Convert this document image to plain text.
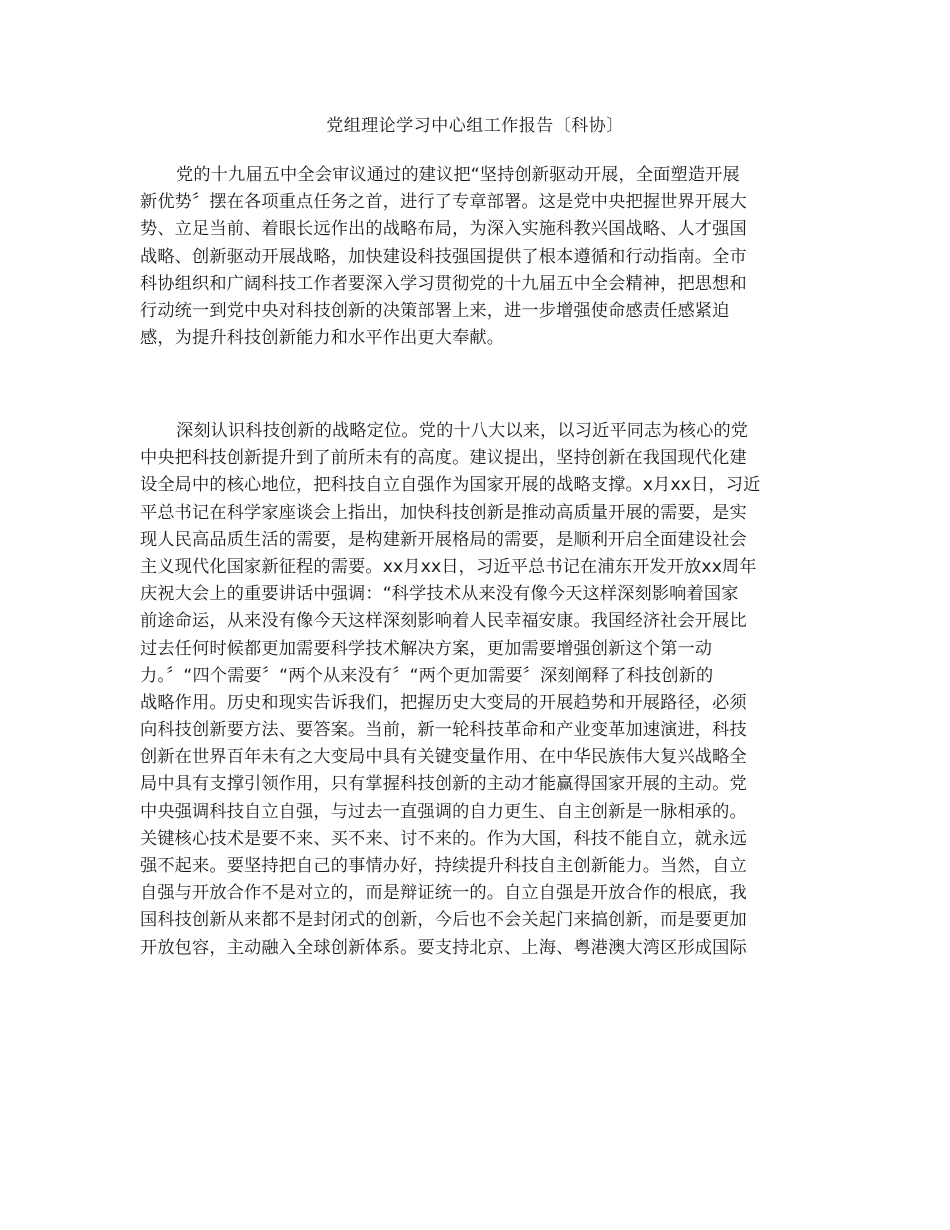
党组理论学习中心组工作报告〔科协〕
党的十九届五中全会审议通过的建议把“坚持创新驱动开展，全面塑造开展
新优势〞摆在各项重点任务之首，进行了专章部署。这是党中央把握世界开展大
势、立足当前、着眼长远作出的战略布局，为深入实施科教兴国战略、人才强国
战略、创新驱动开展战略，加快建设科技强国提供了根本遵循和行动指南。全市
科协组织和广阔科技工作者要深入学习贯彻党的十九届五中全会精神，把思想和
行动统一到党中央对科技创新的决策部署上来，进一步增强使命感责任感紧迫
感，为提升科技创新能力和水平作出更大奉献。
深刻认识科技创新的战略定位。党的十八大以来，以习近平同志为核心的党
中央把科技创新提升到了前所未有的高度。建议提出，坚持创新在我国现代化建
设全局中的核心地位，把科技自立自强作为国家开展的战略支撑。x月xx日，习近
平总书记在科学家座谈会上指出，加快科技创新是推动高质量开展的需要，是实
现人民高品质生活的需要，是构建新开展格局的需要，是顺利开启全面建设社会
主义现代化国家新征程的需要。xx月xx日，习近平总书记在浦东开发开放xx周年
庆祝大会上的重要讲话中强调：“科学技术从来没有像今天这样深刻影响着国家
前途命运，从来没有像今天这样深刻影响着人民幸福安康。我国经济社会开展比
过去任何时候都更加需要科学技术解决方案，更加需要增强创新这个第一动
力。〞“四个需要〞“两个从来没有〞“两个更加需要〞深刻阐释了科技创新的
战略作用。历史和现实告诉我们，把握历史大变局的开展趋势和开展路径，必须
向科技创新要方法、要答案。当前，新一轮科技革命和产业变革加速演进，科技
创新在世界百年未有之大变局中具有关键变量作用、在中华民族伟大复兴战略全
局中具有支撑引领作用，只有掌握科技创新的主动才能赢得国家开展的主动。党
中央强调科技自立自强，与过去一直强调的自力更生、自主创新是一脉相承的。
关键核心技术是要不来、买不来、讨不来的。作为大国，科技不能自立，就永远
强不起来。要坚持把自己的事情办好，持续提升科技自主创新能力。当然，自立
自强与开放合作不是对立的，而是辩证统一的。自立自强是开放合作的根底，我
国科技创新从来都不是封闭式的创新，今后也不会关起门来搞创新，而是要更加
开放包容，主动融入全球创新体系。要支持北京、上海、粤港澳大湾区形成国际
